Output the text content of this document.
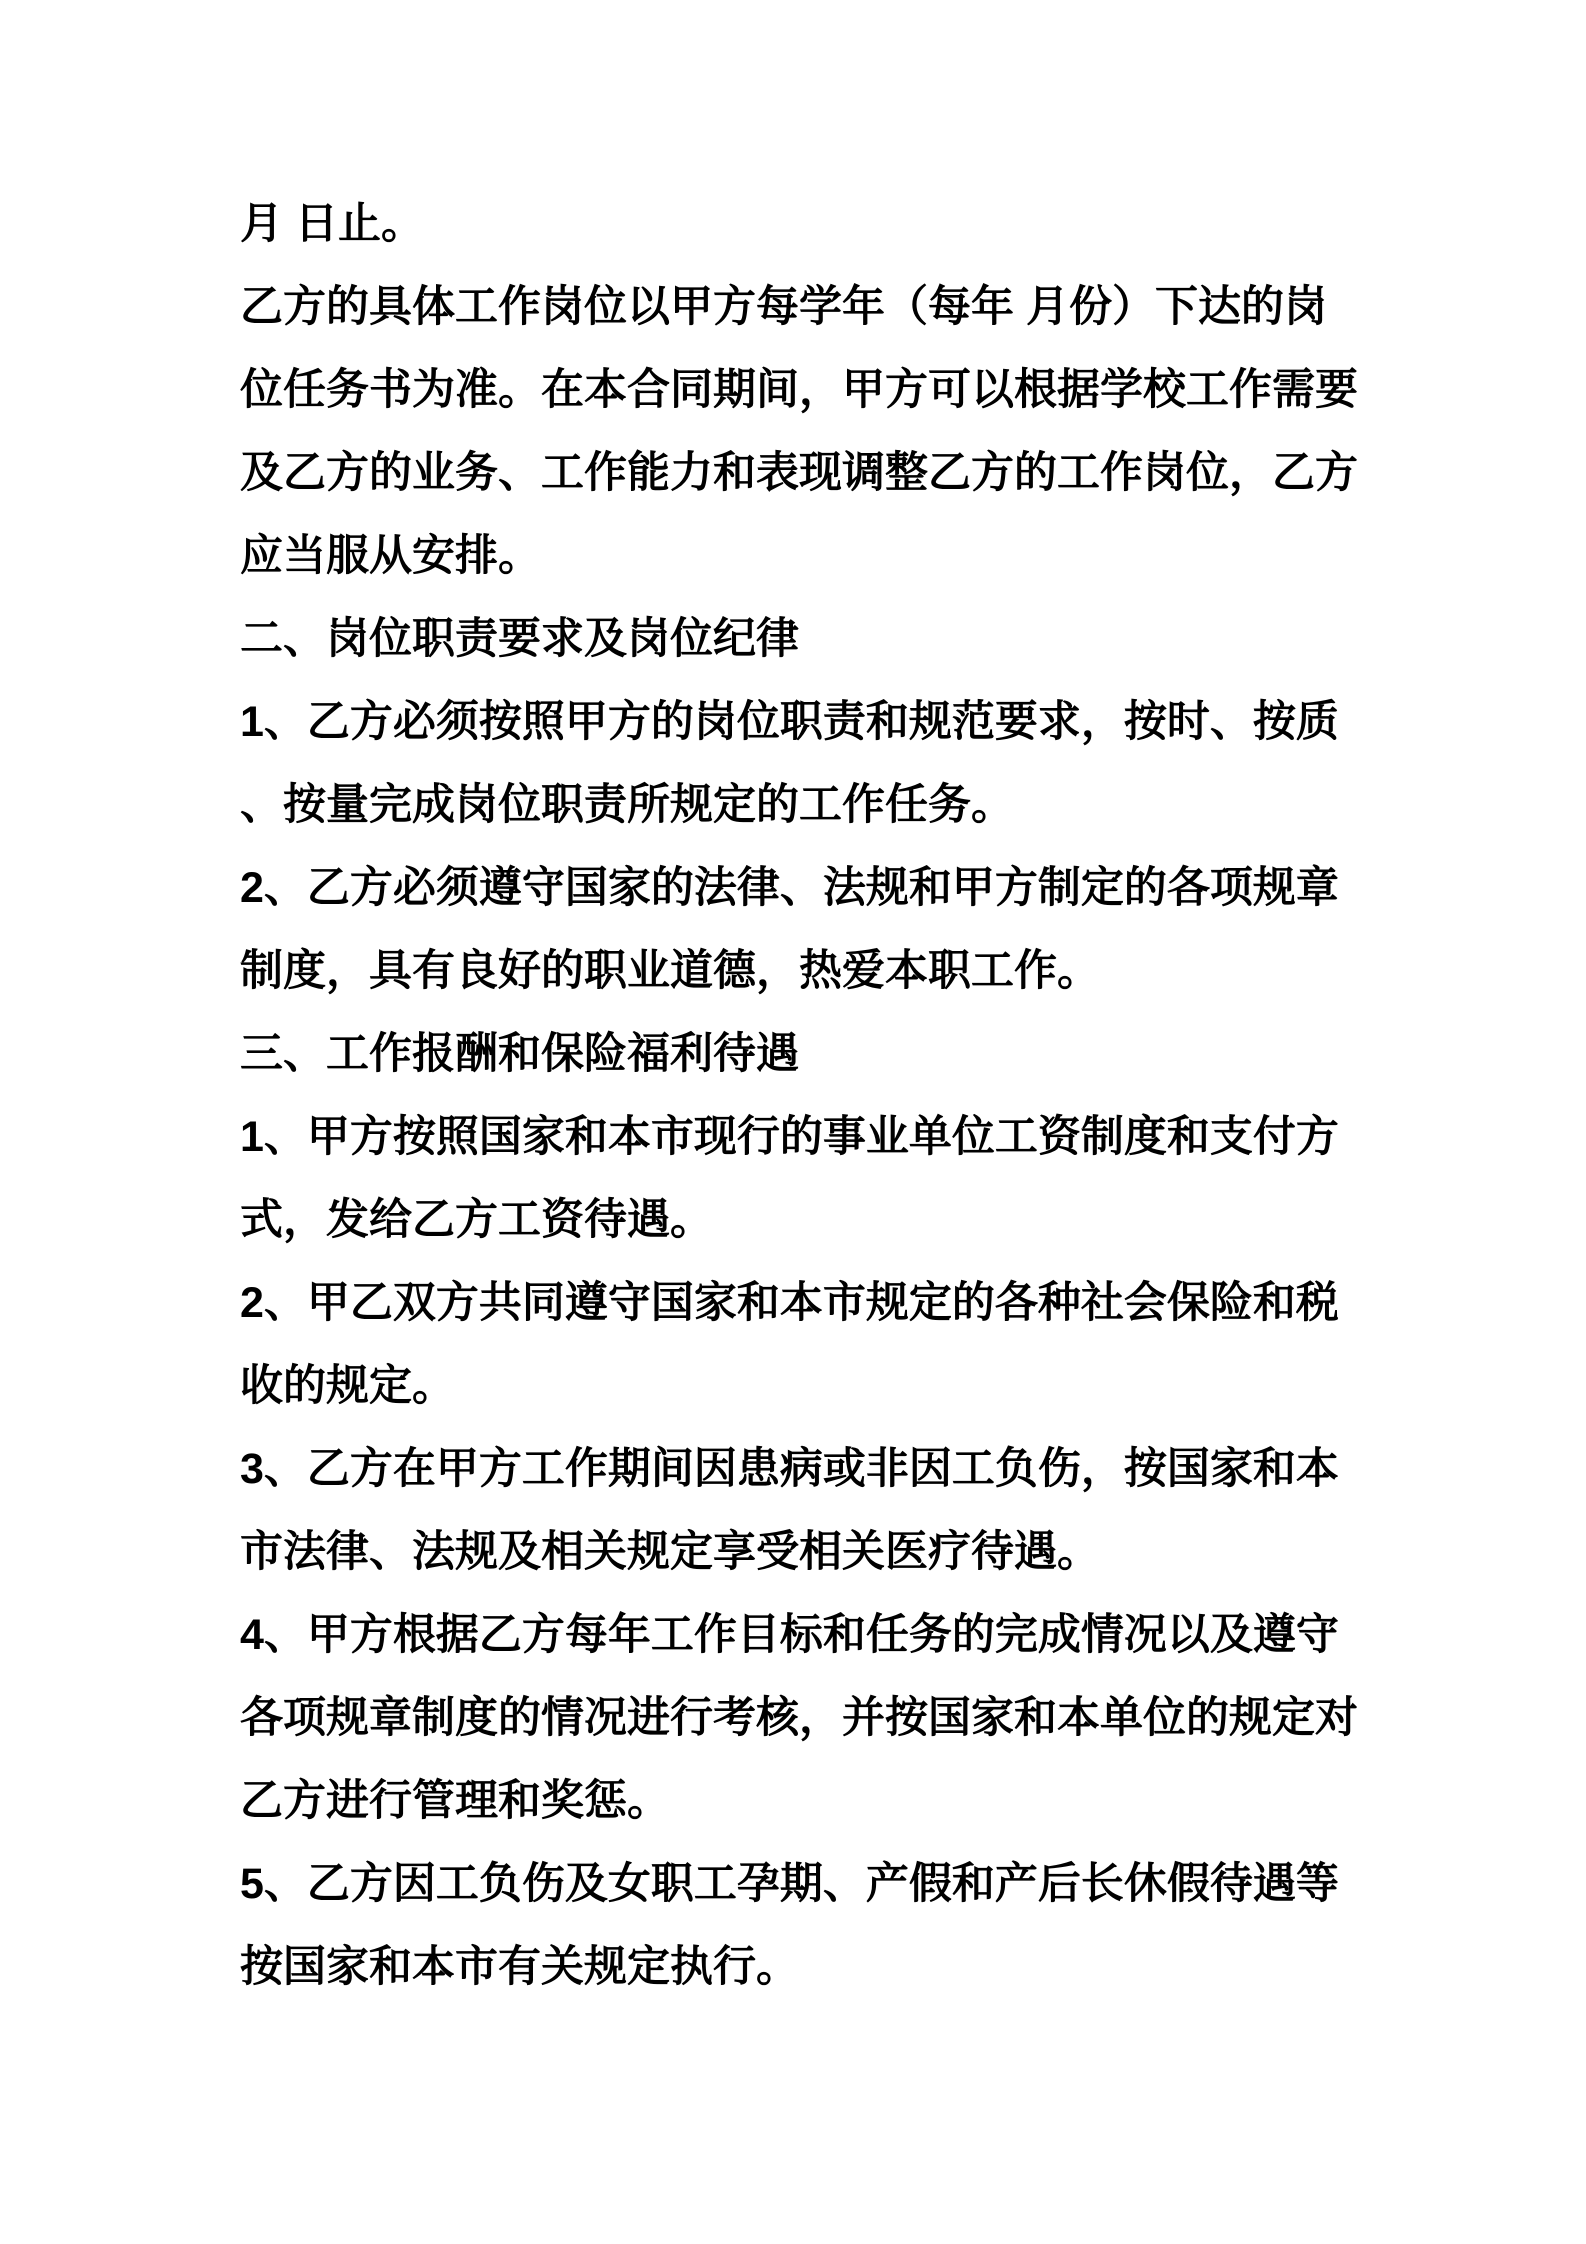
月 日止。
乙方的具体工作岗位以甲方每学年（每年 月份）下达的岗
位任务书为准。在本合同期间，甲方可以根据学校工作需要
及乙方的业务、工作能力和表现调整乙方的工作岗位，乙方
应当服从安排。
二、岗位职责要求及岗位纪律
1、乙方必须按照甲方的岗位职责和规范要求，按时、按质
、按量完成岗位职责所规定的工作任务。
2、乙方必须遵守国家的法律、法规和甲方制定的各项规章
制度，具有良好的职业道德，热爱本职工作。
三、工作报酬和保险福利待遇
1、甲方按照国家和本市现行的事业单位工资制度和支付方
式，发给乙方工资待遇。
2、甲乙双方共同遵守国家和本市规定的各种社会保险和税
收的规定。
3、乙方在甲方工作期间因患病或非因工负伤，按国家和本
市法律、法规及相关规定享受相关医疗待遇。
4、甲方根据乙方每年工作目标和任务的完成情况以及遵守
各项规章制度的情况进行考核，并按国家和本单位的规定对
乙方进行管理和奖惩。
5、乙方因工负伤及女职工孕期、产假和产后长休假待遇等
按国家和本市有关规定执行。
